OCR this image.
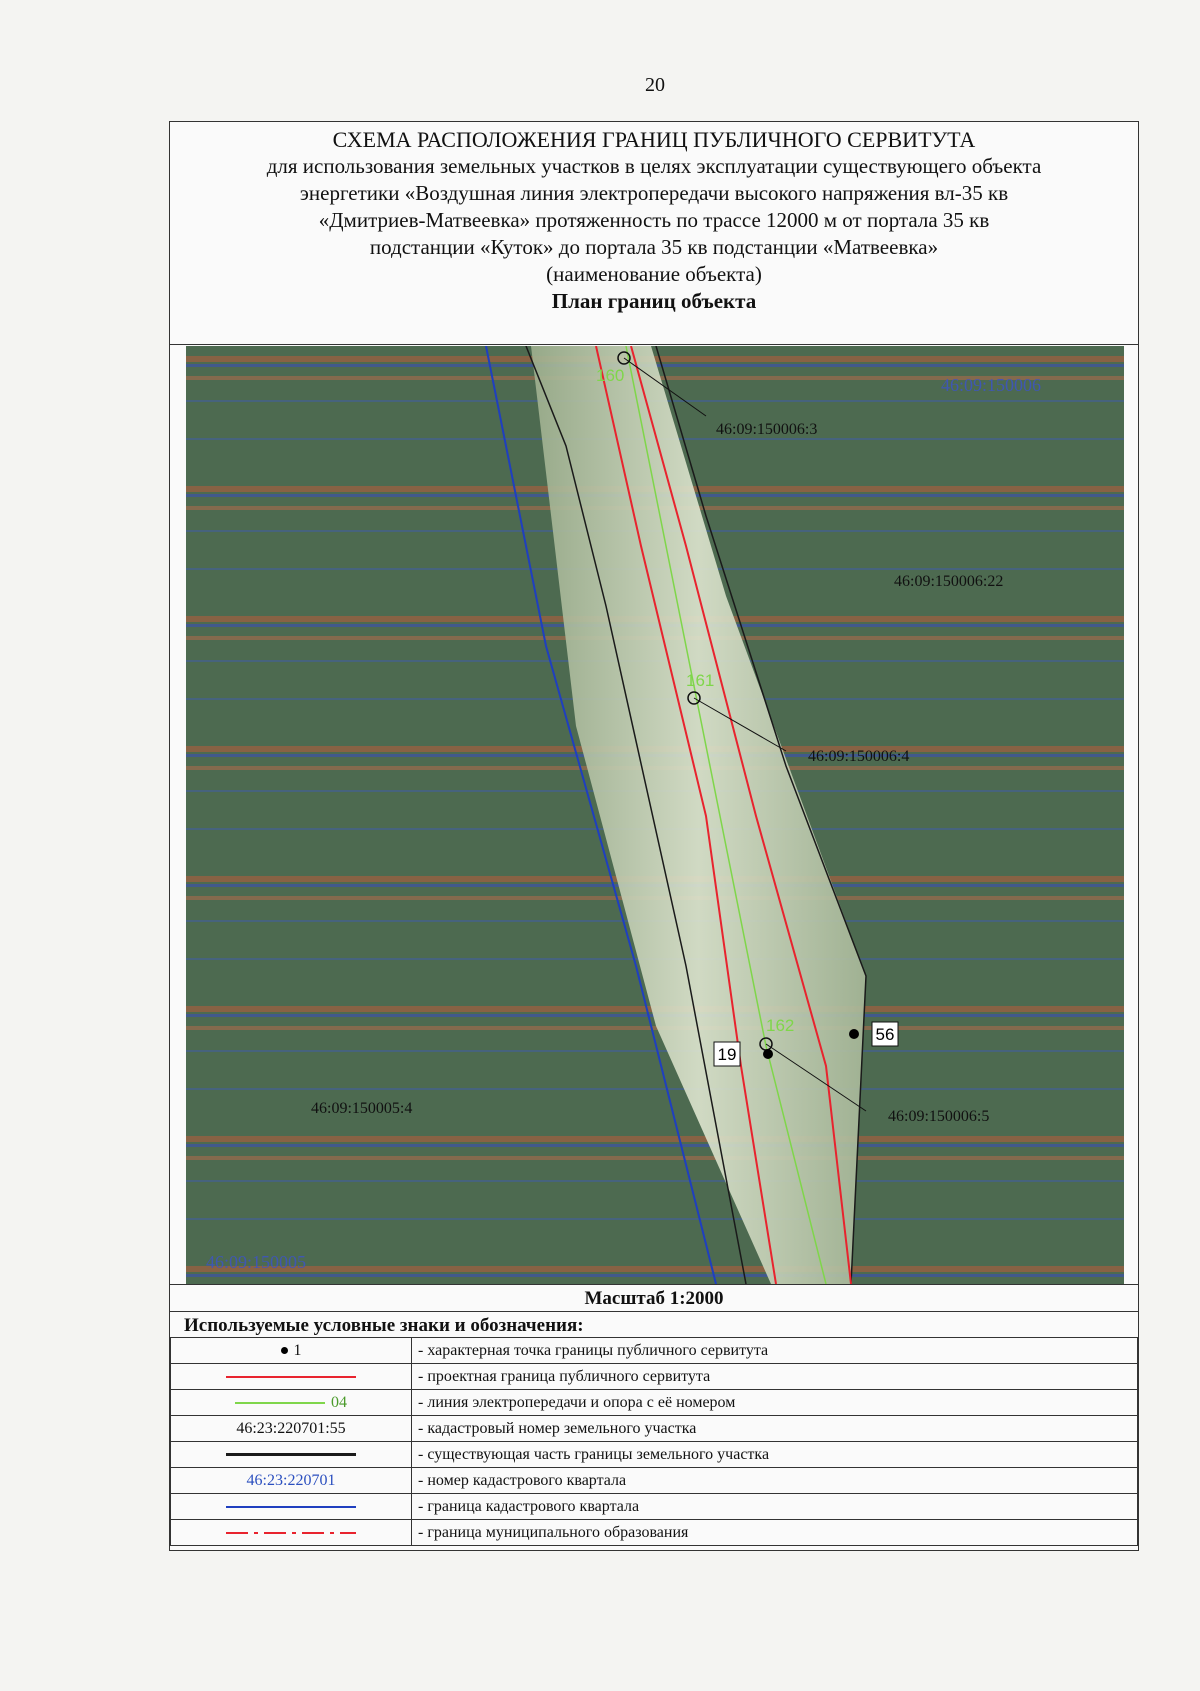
20
СХЕМА РАСПОЛОЖЕНИЯ ГРАНИЦ ПУБЛИЧНОГО СЕРВИТУТА
для использования земельных участков в целях эксплуатации существующего объекта
энергетики «Воздушная линия электропередачи высокого напряжения вл-35 кв
«Дмитриев-Матвеевка» протяженность по трассе 12000 м от портала 35 кв
подстанции «Куток» до портала 35 кв подстанции «Матвеевка»
(наименование объекта)
План границ объекта
160
161
162
19
56
46:09:150006
46:09:150005
46:09:150006:3
46:09:150006:22
46:09:150006:4
46:09:150006:5
46:09:150005:4
Масштаб 1:2000
Используемые условные знаки и обозначения:
1	- характерная точка границы публичного сервитута
	- проектная граница публичного сервитута
04	- линия электропередачи и опора с её номером
46:23:220701:55	- кадастровый номер земельного участка
	- существующая часть границы земельного участка
46:23:220701	- номер кадастрового квартала
	- граница кадастрового квартала
	- граница муниципального образования
